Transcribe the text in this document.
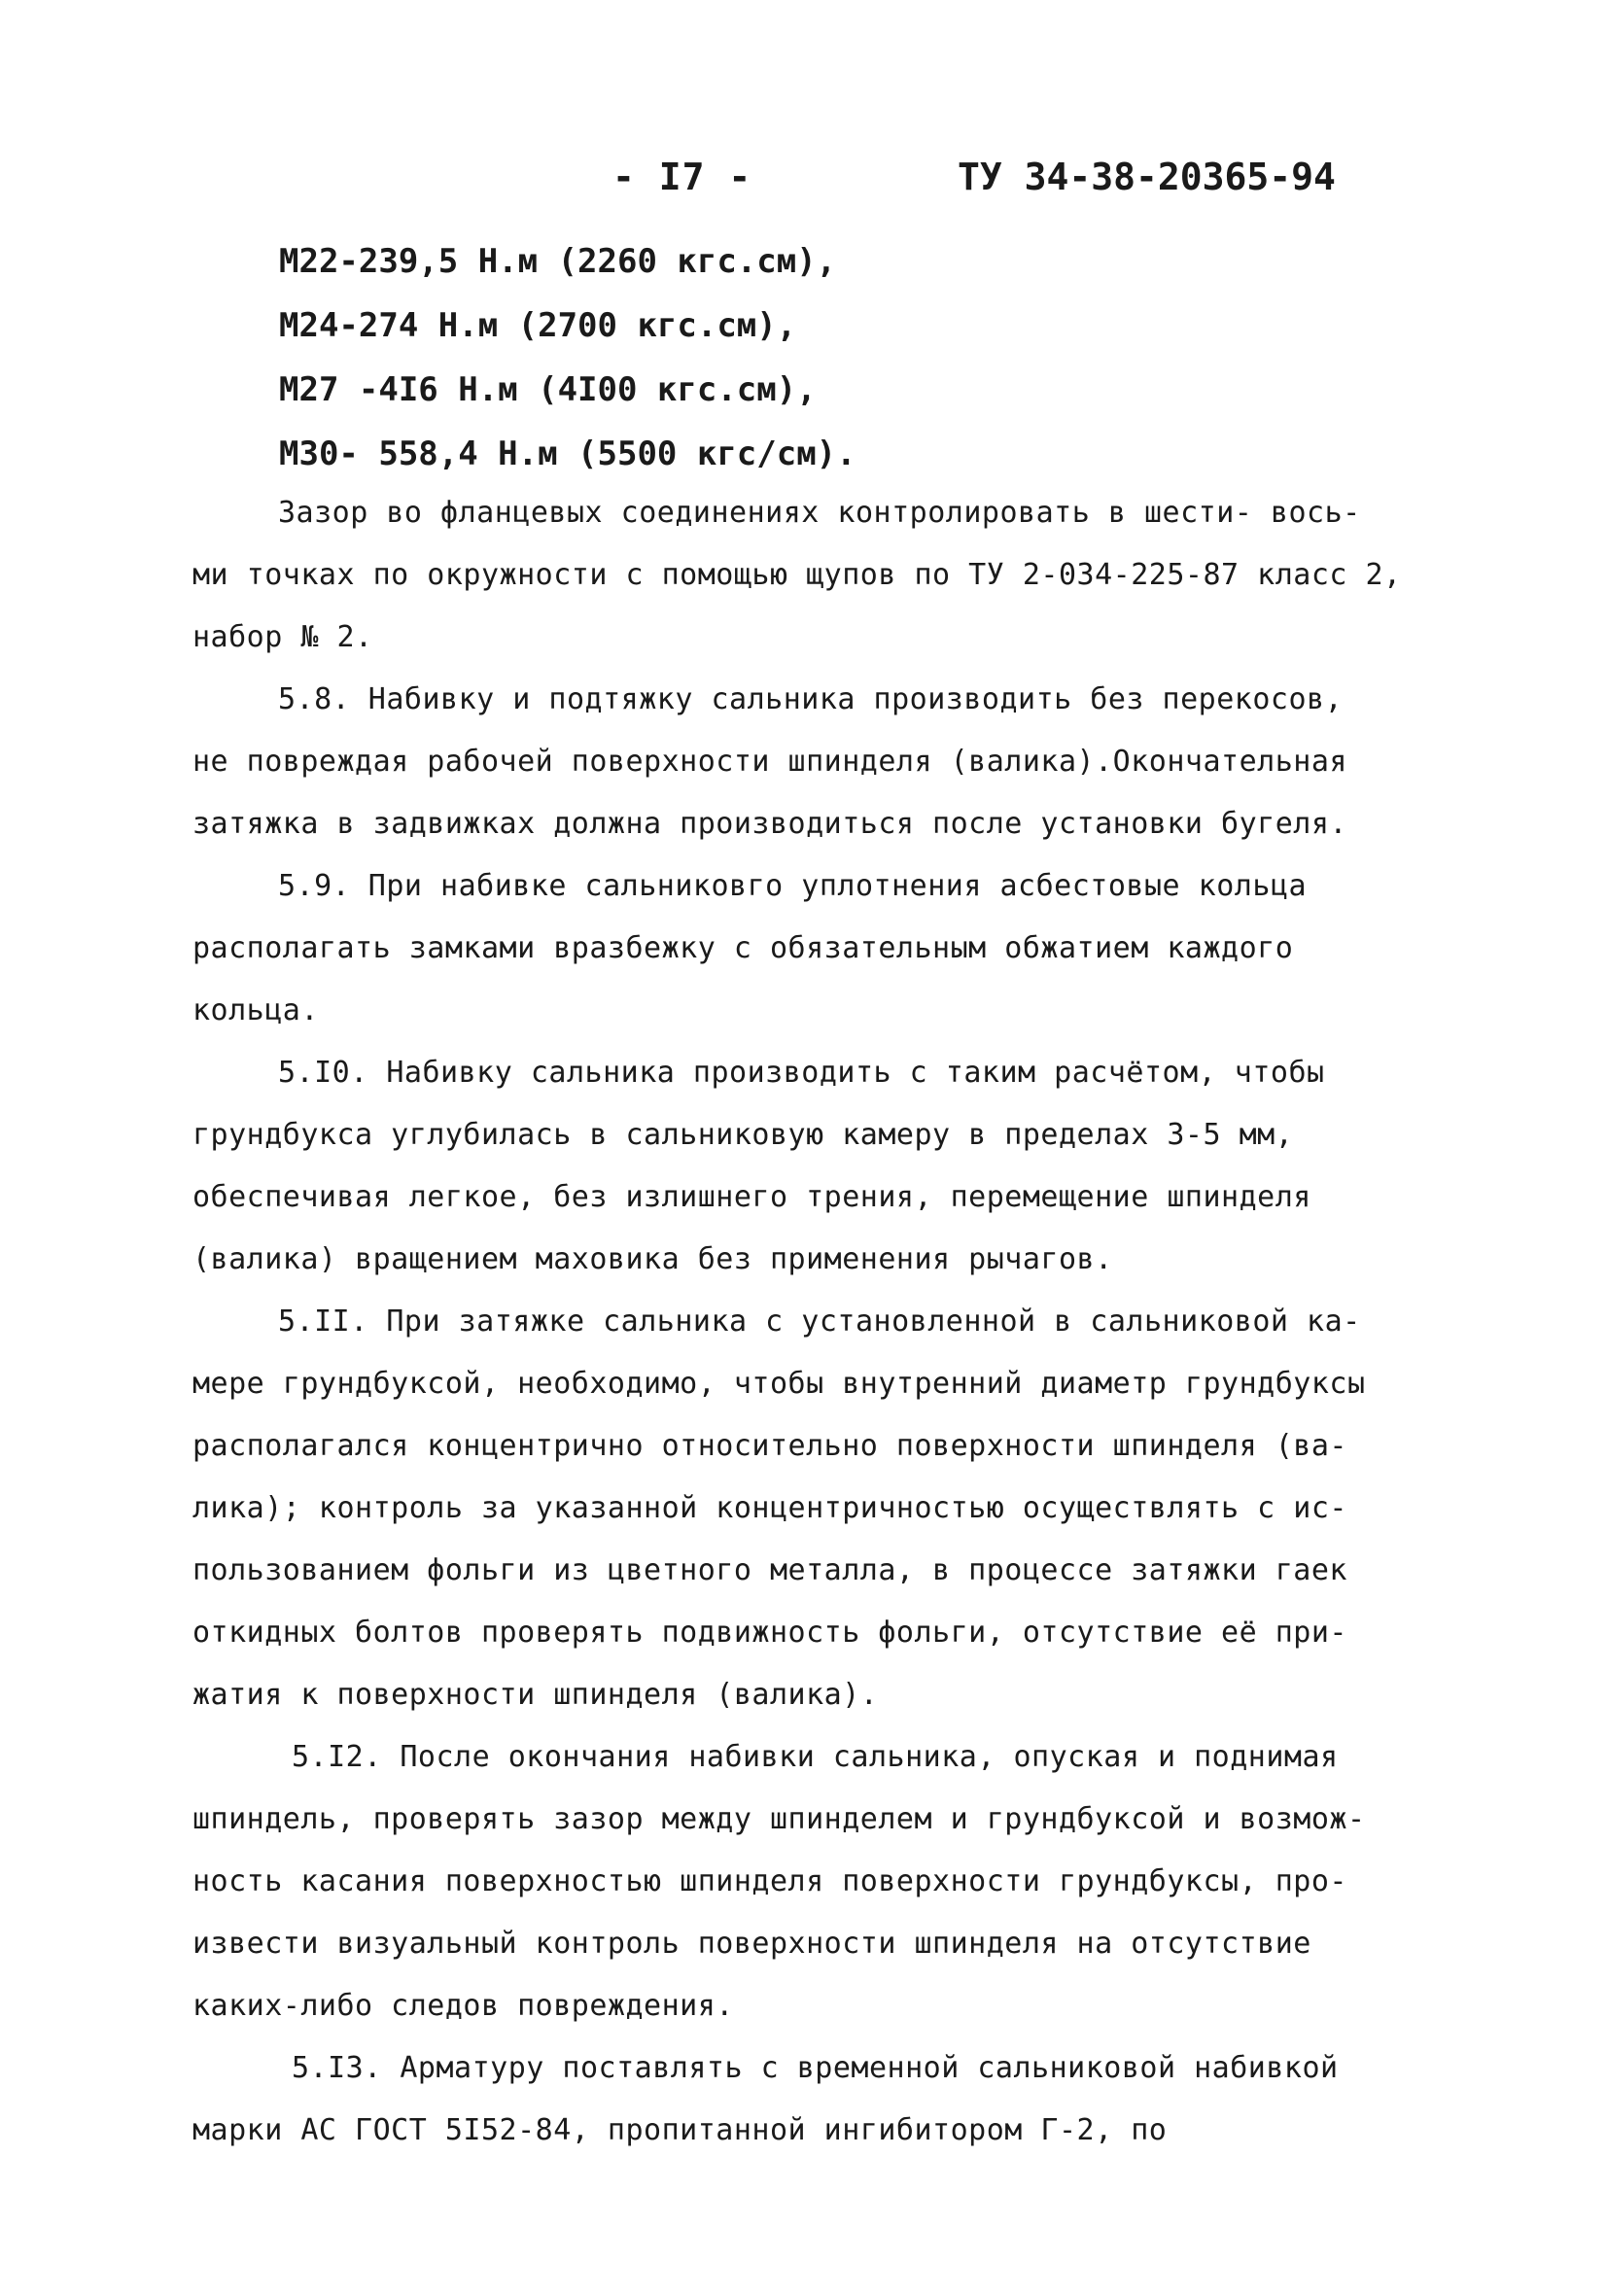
- I7 -	ТУ 34-38-20365-94
М22-239,5 Н.м (2260 кгс.см),
М24-274 Н.м (2700 кгс.см),
М27 -4I6 Н.м (4I00 кгс.см),
М30- 558,4 Н.м (5500 кгс/см).
Зазор во фланцевых соединениях контролировать в шести- вось-
ми точках по окружности с помощью щупов по ТУ 2-034-225-87 класс 2,
набор № 2.
5.8. Набивку и подтяжку сальника производить без перекосов,
не повреждая рабочей поверхности шпинделя (валика).Окончательная
затяжка в задвижках должна производиться после установки бугеля.
5.9. При набивке сальниковго уплотнения асбестовые кольца
располагать замками вразбежку с обязательным обжатием каждого
кольца.
5.I0. Набивку сальника производить с таким расчётом, чтобы
грундбукса углубилась в сальниковую камеру в пределах 3-5 мм,
обеспечивая легкое, без излишнего трения, перемещение шпинделя
(валика) вращением маховика без применения рычагов.
5.II. При затяжке сальника с установленной в сальниковой ка-
мере грундбуксой, необходимо, чтобы внутренний диаметр грундбуксы
располагался концентрично относительно поверхности шпинделя (ва-
лика); контроль за указанной концентричностью осуществлять с ис-
пользованием фольги из цветного металла, в процессе затяжки гаек
откидных болтов проверять подвижность фольги, отсутствие её при-
жатия к поверхности шпинделя (валика).
5.I2. После окончания набивки сальника, опуская и поднимая
шпиндель, проверять зазор между шпинделем и грундбуксой и возмож-
ность касания поверхностью шпинделя поверхности грундбуксы, про-
извести визуальный контроль поверхности шпинделя на отсутствие
каких-либо следов повреждения.
5.I3. Арматуру поставлять с временной сальниковой набивкой
марки АС ГОСТ 5I52-84, пропитанной ингибитором Г-2, по
